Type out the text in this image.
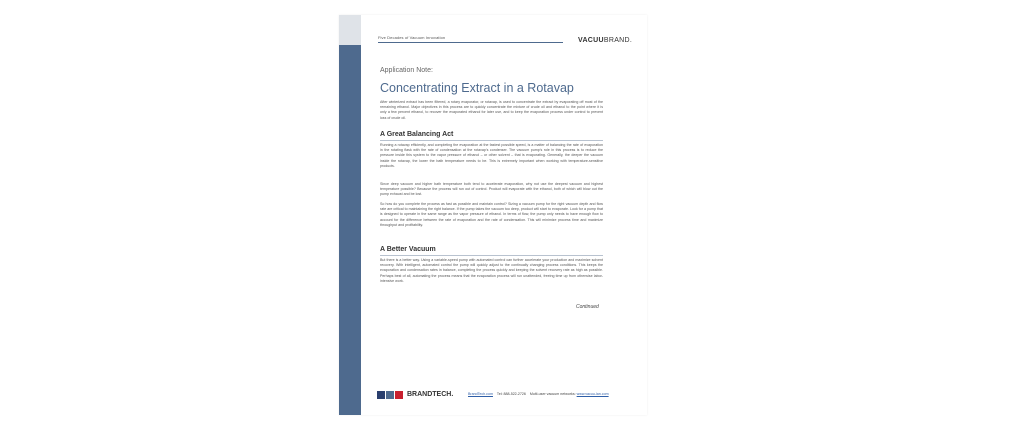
Five Decades of Vacuum Innovation	VACUUBRAND.
Application Note:
Concentrating Extract in a Rotavap

After winterized extract has been filtered, a rotary evaporator, or rotavap, is used to concentrate the extract by evaporating off most of the remaining ethanol. Major objectives in this process are to quickly concentrate the mixture of crude oil and ethanol to the point where it is only a few percent ethanol, to recover the evaporated ethanol for later use, and to keep the evaporation process under control to prevent loss of crude oil.

A Great Balancing Act

Running a rotavap efficiently, and completing the evaporation at the fastest possible speed, is a matter of balancing the rate of evaporation in the rotating flask with the rate of condensation at the rotavap's condenser. The vacuum pump's role in this process is to reduce the pressure inside this system to the vapor pressure of ethanol – or other solvent – that is evaporating. Generally, the deeper the vacuum inside the rotavap, the lower the bath temperature needs to be. This is extremely important when working with temperature-sensitive products.

Since deep vacuum and higher bath temperature both tend to accelerate evaporation, why not use the deepest vacuum and highest temperature possible? Because the process will run out of control. Product will evaporate with the ethanol, both of which will blow out the pump exhaust and be lost.

So how do you complete the process as fast as possible and maintain control? Sizing a vacuum pump for the right vacuum depth and flow rate are critical to maintaining the right balance. If the pump takes the vacuum too deep, product will start to evaporate. Look for a pump that is designed to operate in the same range as the vapor pressure of ethanol. In terms of flow, the pump only needs to have enough flow to account for the difference between the rate of evaporation and the rate of condensation. This will minimize process time and maximize throughput and profitability.

A Better Vacuum

But there is a better way. Using a variable-speed pump with automated control can further accelerate your production and maximize solvent recovery. With intelligent, automated control the pump will quickly adjust to the continually changing process conditions. This keeps the evaporation and condensation rates in balance, completing the process quickly and keeping the solvent recovery rate as high as possible. Perhaps best of all, automating the process means that the evaporation process will run unattended, freeing time up from otherwise labor-intensive work.

Continued
BRANDTECH.	BrandTech.com Tel: 888-522-2726 Multi-user vacuum networks: www.vacuu-lan.com
